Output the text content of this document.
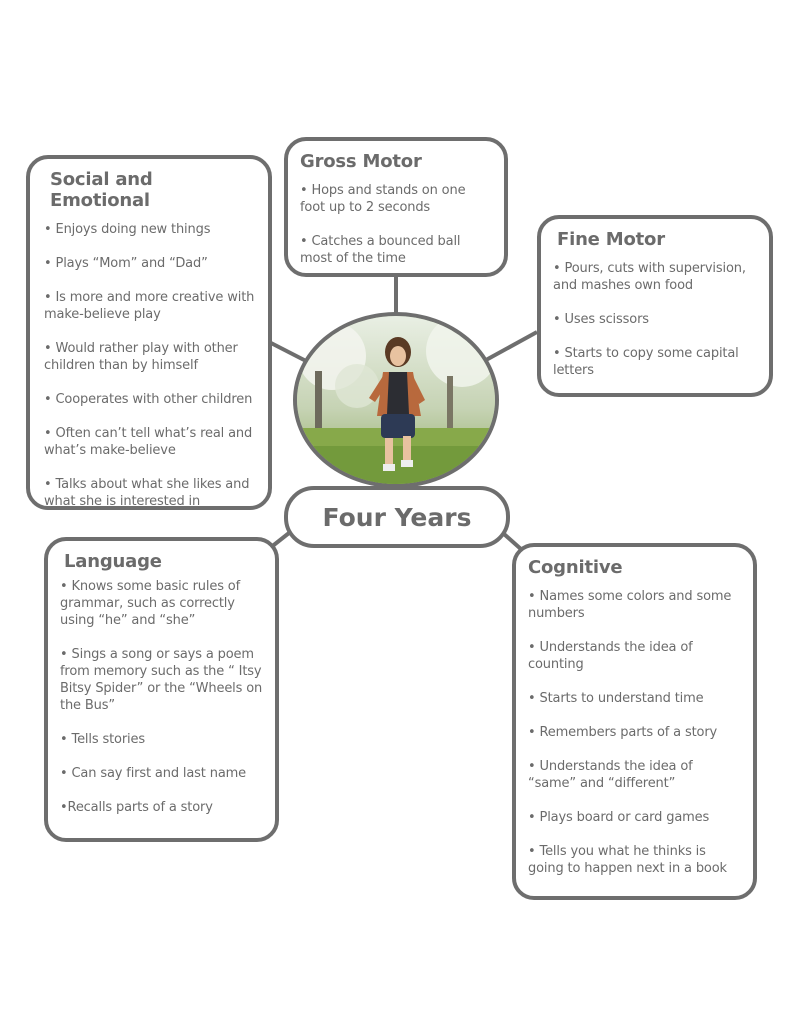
Social and Emotional
• Enjoys doing new things
• Plays “Mom” and “Dad”
• Is more and more creative with make-believe play
• Would rather play with other children than by himself
• Cooperates with other children
• Often can’t tell what’s real and what’s make-believe
• Talks about what she likes and what she is interested in
Gross Motor
• Hops and stands on one foot up to 2 seconds
• Catches a bounced ball most of the time
Fine Motor
• Pours, cuts with supervision, and mashes own food
• Uses scissors
• Starts to copy some capital letters
Four Years
Language
• Knows some basic rules of grammar, such as correctly using “he” and “she”
• Sings a song or says a poem from memory such as the “ Itsy Bitsy Spider” or the “Wheels on the Bus”
• Tells stories
• Can say first and last name
•Recalls parts of a story
Cognitive
• Names some colors and some numbers
• Understands the idea of counting
• Starts to understand time
• Remembers parts of a story
• Understands the idea of “same” and “different”
• Plays board or card games
• Tells you what he thinks is going to happen next in a book
